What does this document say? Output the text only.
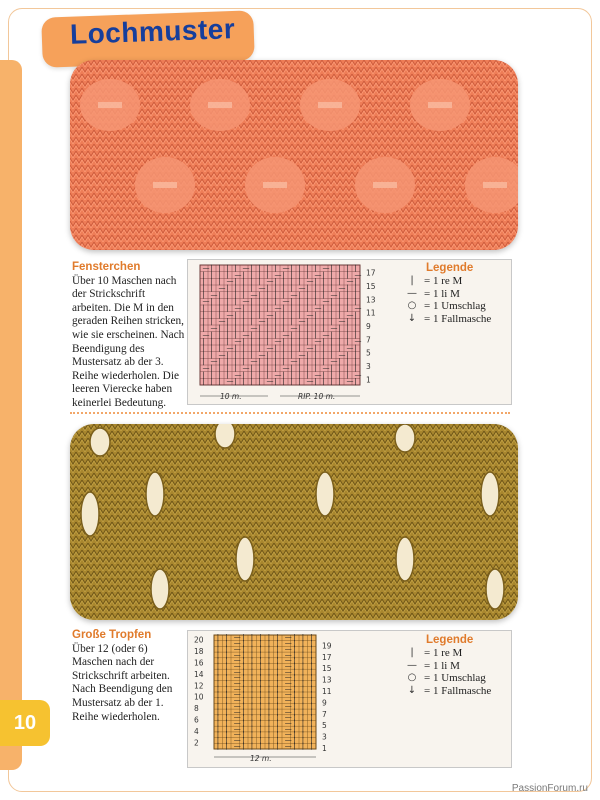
Lochmuster
Fensterchen
Über 10 Maschen nach der Strickschrift arbeiten. Die M in den geraden Reihen stricken, wie sie erscheinen. Nach Beendigung des Mustersatz ab der 3. Reihe wiederholen. Die leeren Vierecke haben keinerlei Bedeutung.
— | | | | — | | | | — | | | | — | | | |
| | | | — | | | | — | | | | — | | | | —
| | | — | | | | — | | | | — | | | | — |
| | — | | | | — | | | | — | | | | — | |
| — | | | | — | | | | — | | | | — | | |
— | | | | — | | | | — | | | | — | | | |
| | | | — | | | | — | | | | — | | | | —
| | | — | | | | — | | | | — | | | | — |
| | — | | | | — | | | | — | | | | — | |
| — | | | | — | | | | — | | | | — | | |
— | | | | — | | | | — | | | | — | | | |
| | | | — | | | | — | | | | — | | | | —
| | | — | | | | — | | | | — | | | | — |
| | — | | | | — | | | | — | | | | — | |
| — | | | | — | | | | — | | | | — | | |
— | | | | — | | | | — | | | | — | | | |
| | | | — | | | | — | | | | — | | | | —
| | | — | | | | — | | | | — | | | | — |
17
15
13
11
9
7
5
3
1
10 m.	RIP. 10 m.
Legende
| = 1 re M
— = 1 li M
○ = 1 Umschlag
↓ = 1 Fallmasche
Große Tropfen
Über 12 (oder 6) Maschen nach der Strickschrift arbeiten.
Nach Beendigung den Mustersatz ab der 1. Reihe wiederholen.
| | — | | | | | — | | |
| | — | | | | | — | | |
| | — | | | | | — | | |
| | — | | | | | — | | |
| | — | | | | | — | | |
| | — | | | | | — | | |
| | — | | | | | — | | |
| | — | | | | | — | | |
| | — | | | | | — | | |
| | — | | | | | — | | |
| | — | | | | | — | | |
| | — | | | | | — | | |
| | — | | | | | — | | |
| | — | | | | | — | | |
| | — | | | | | — | | |
| | — | | | | | — | | |
| | — | | | | | — | | |
| | — | | | | | — | | |
| | — | | | | | — | | |
| | — | | | | | — | | |
20
18
16
14
12
10
8
6
4
2
19
17
15
13
11
9
7
5
3
1
12 m.
Legende
| = 1 re M
— = 1 li M
○ = 1 Umschlag
↓ = 1 Fallmasche
10
PassionForum.ru
